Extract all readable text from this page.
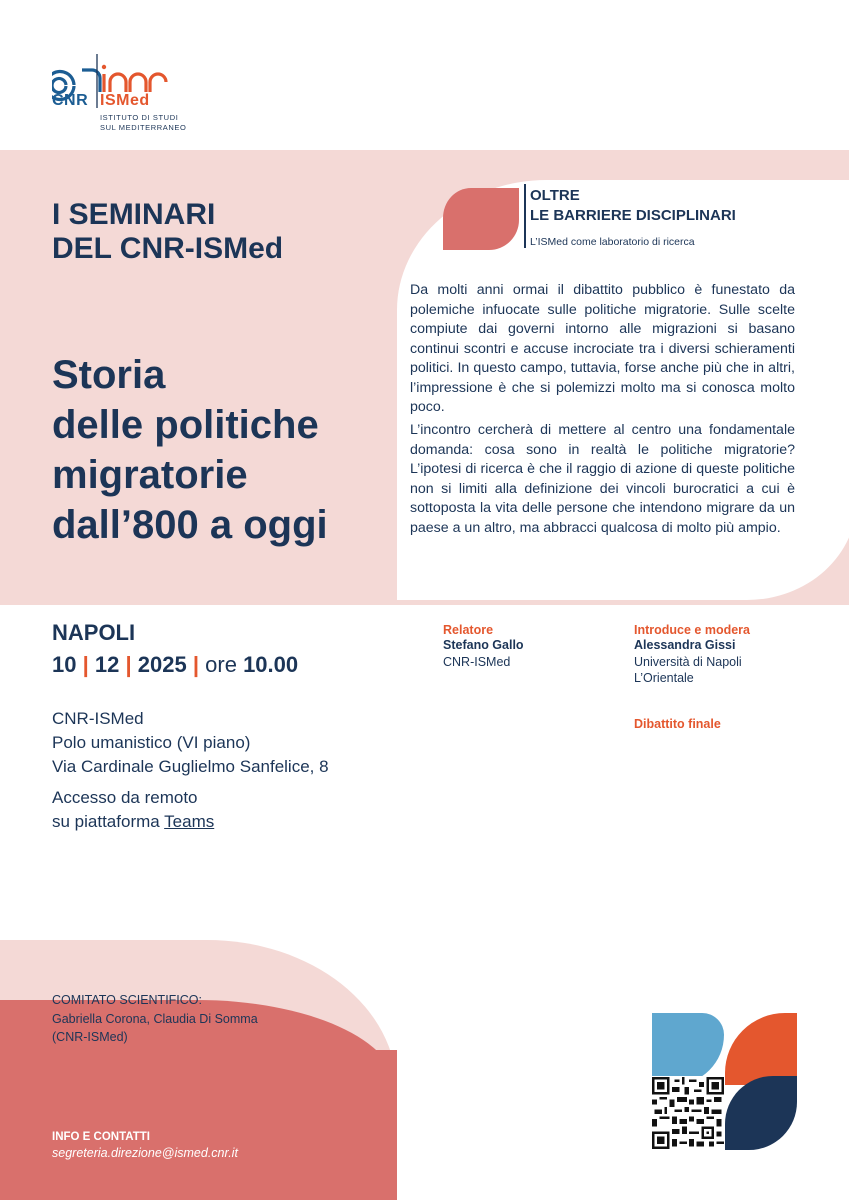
CNR ISMed
ISTITUTO DI STUDI
SUL MEDITERRANEO
I SEMINARI
DEL CNR-ISMed
Storia
delle politiche
migratorie
dall’800 a oggi
OLTRE
LE BARRIERE DISCIPLINARI
L’ISMed come laboratorio di ricerca
Da molti anni ormai il dibattito pubblico è funestato da polemiche infuocate sulle politiche migratorie. Sulle scelte compiute dai governi intorno alle migrazioni si basano continui scontri e accuse incrociate tra i diversi schieramenti politici. In questo campo, tuttavia, forse anche più che in altri, l’impressione è che si polemizzi molto ma si conosca molto poco.
L’incontro cercherà di mettere al centro una fondamentale domanda: cosa sono in realtà le politiche migratorie? L’ipotesi di ricerca è che il raggio di azione di queste politiche non si limiti alla definizione dei vincoli burocratici a cui è sottoposta la vita delle persone che intendono migrare da un paese a un altro, ma abbracci qualcosa di molto più ampio.
NAPOLI
10 | 12 | 2025 | ore 10.00
CNR-ISMed
Polo umanistico (VI piano)
Via Cardinale Guglielmo Sanfelice, 8
Accesso da remoto
su piattaforma Teams
Relatore
Stefano Gallo
CNR-ISMed
Introduce e modera
Alessandra Gissi
Università di Napoli
L’Orientale
Dibattito finale
COMITATO SCIENTIFICO:
Gabriella Corona, Claudia Di Somma
(CNR-ISMed)
INFO E CONTATTI
segreteria.direzione@ismed.cnr.it
